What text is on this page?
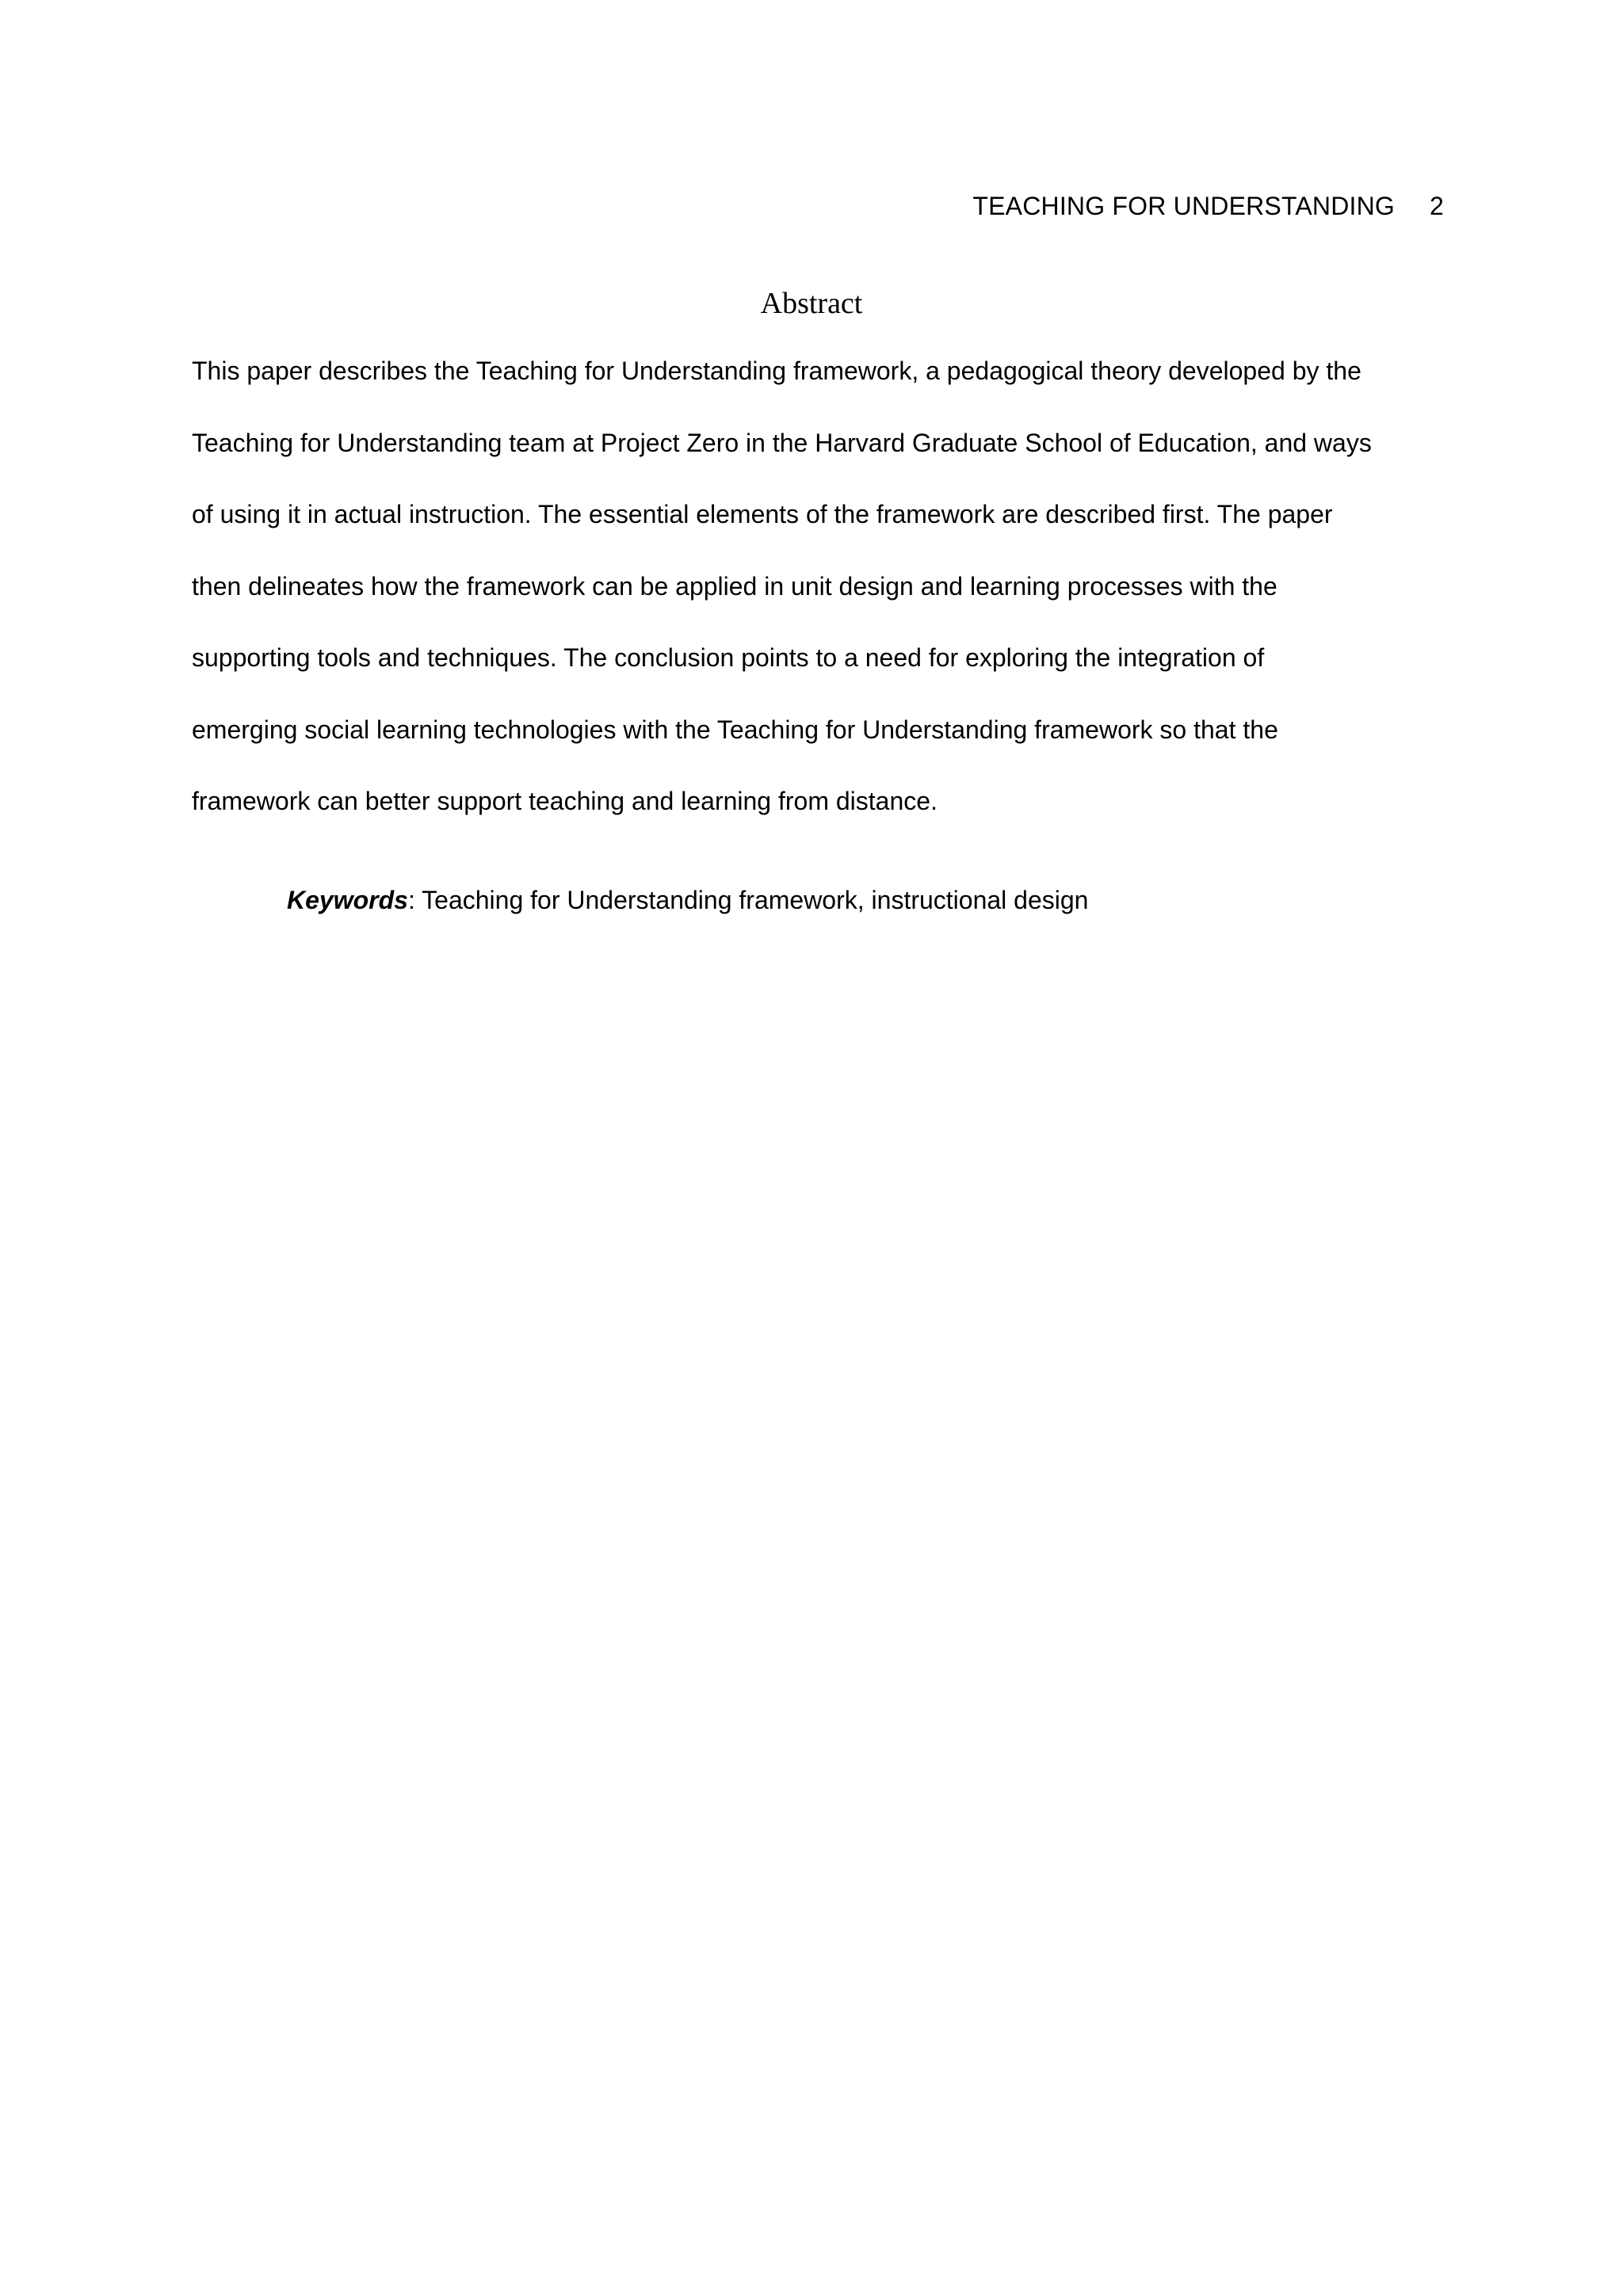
TEACHING FOR UNDERSTANDING 2
Abstract
This paper describes the Teaching for Understanding framework, a pedagogical theory developed by the
Teaching for Understanding team at Project Zero in the Harvard Graduate School of Education, and ways
of using it in actual instruction. The essential elements of the framework are described first. The paper
then delineates how the framework can be applied in unit design and learning processes with the
supporting tools and techniques. The conclusion points to a need for exploring the integration of
emerging social learning technologies with the Teaching for Understanding framework so that the
framework can better support teaching and learning from distance.
Keywords: Teaching for Understanding framework, instructional design
